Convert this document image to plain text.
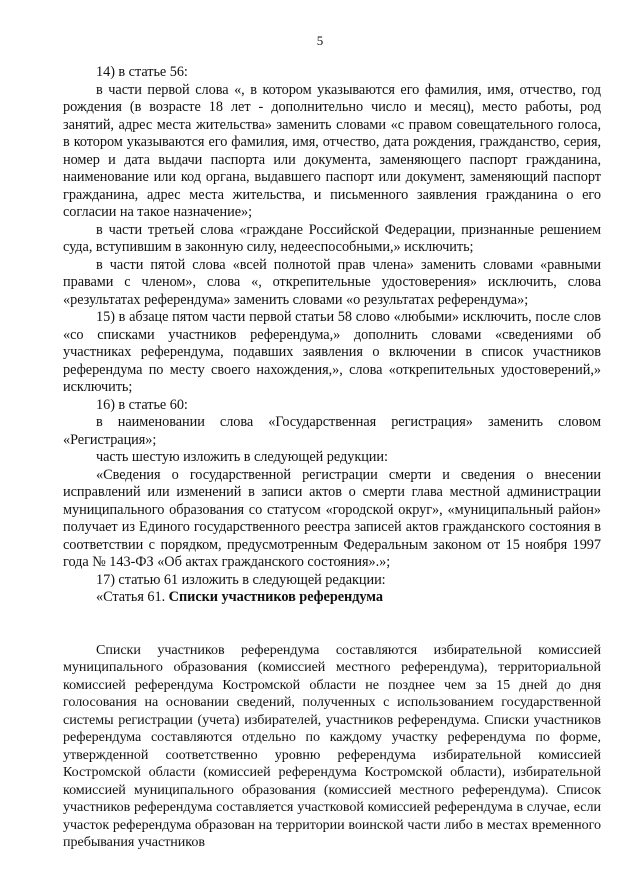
5

14) в статье 56:

в части первой слова «, в котором указываются его фамилия, имя, отчество, год рождения (в возрасте 18 лет - дополнительно число и месяц), место работы, род занятий, адрес места жительства» заменить словами «с правом совещательного голоса, в котором указываются его фамилия, имя, отчество, дата рождения, гражданство, серия, номер и дата выдачи паспорта или документа, заменяющего паспорт гражданина, наименование или код органа, выдавшего паспорт или документ, заменяющий паспорт гражданина, адрес места жительства, и письменного заявления гражданина о его согласии на такое назначение»;

в части третьей слова «граждане Российской Федерации, признанные решением суда, вступившим в законную силу, недееспособными,» исключить;

в части пятой слова «всей полнотой прав члена» заменить словами «равными правами с членом», слова «, открепительные удостоверения» исключить, слова «результатах референдума» заменить словами «о результатах референдума»;

15) в абзаце пятом части первой статьи 58 слово «любыми» исключить, после слов «со списками участников референдума,» дополнить словами «сведениями об участниках референдума, подавших заявления о включении в список участников референдума по месту своего нахождения,», слова «открепительных удостоверений,» исключить;

16) в статье 60:

в наименовании слова «Государственная регистрация» заменить словом «Регистрация»;

часть шестую изложить в следующей редукции:

«Сведения о государственной регистрации смерти и сведения о внесении исправлений или изменений в записи актов о смерти глава местной администрации муниципального образования со статусом «городской округ», «муниципальный район» получает из Единого государственного реестра записей актов гражданского состояния в соответствии с порядком, предусмотренным Федеральным законом от 15 ноября 1997 года № 143-ФЗ «Об актах гражданского состояния».»;

17) статью 61 изложить в следующей редакции:

«Статья 61. Списки участников референдума

Списки участников референдума составляются избирательной комиссией муниципального образования (комиссией местного референдума), территориальной комиссией референдума Костромской области не позднее чем за 15 дней до дня голосования на основании сведений, полученных с использованием государственной системы регистрации (учета) избирателей, участников референдума. Списки участников референдума составляются отдельно по каждому участку референдума по форме, утвержденной соответственно уровню референдума избирательной комиссией Костромской области (комиссией референдума Костромской области), избирательной комиссией муниципального образования (комиссией местного референдума). Список участников референдума составляется участковой комиссией референдума в случае, если участок референдума образован на территории воинской части либо в местах временного пребывания участников
